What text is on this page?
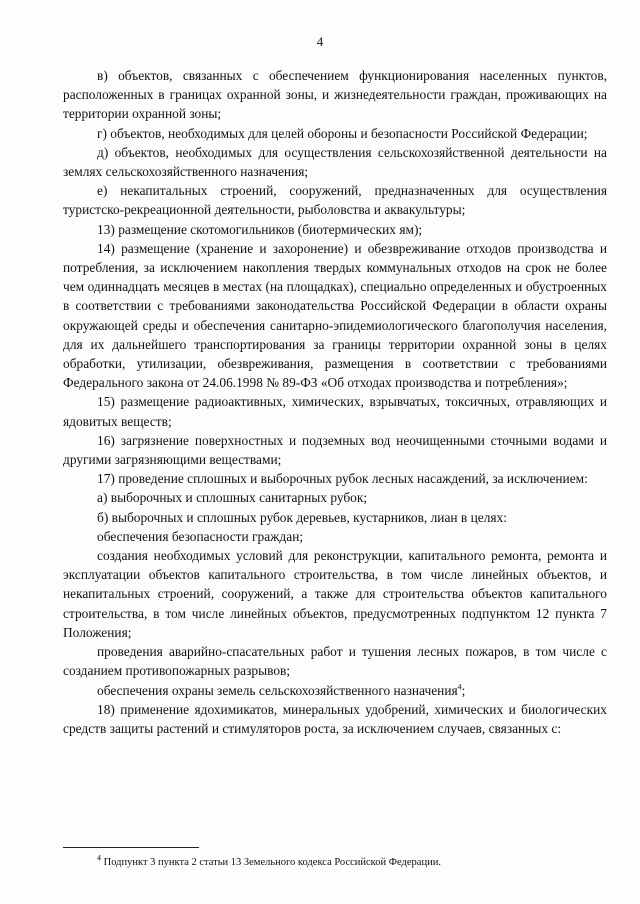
4

в) объектов, связанных с обеспечением функционирования населенных пунктов, расположенных в границах охранной зоны, и жизнедеятельности граждан, проживающих на территории охранной зоны;

г) объектов, необходимых для целей обороны и безопасности Российской Федерации;

д) объектов, необходимых для осуществления сельскохозяйственной деятельности на землях сельскохозяйственного назначения;

е) некапитальных строений, сооружений, предназначенных для осуществления туристско-рекреационной деятельности, рыболовства и аквакультуры;

13) размещение скотомогильников (биотермических ям);

14) размещение (хранение и захоронение) и обезвреживание отходов производства и потребления, за исключением накопления твердых коммунальных отходов на срок не более чем одиннадцать месяцев в местах (на площадках), специально определенных и обустроенных в соответствии с требованиями законодательства Российской Федерации в области охраны окружающей среды и обеспечения санитарно-эпидемиологического благополучия населения, для их дальнейшего транспортирования за границы территории охранной зоны в целях обработки, утилизации, обезвреживания, размещения в соответствии с требованиями Федерального закона от 24.06.1998 № 89-ФЗ «Об отходах производства и потребления»;

15) размещение радиоактивных, химических, взрывчатых, токсичных, отравляющих и ядовитых веществ;

16) загрязнение поверхностных и подземных вод неочищенными сточными водами и другими загрязняющими веществами;

17) проведение сплошных и выборочных рубок лесных насаждений, за исключением:

а) выборочных и сплошных санитарных рубок;

б) выборочных и сплошных рубок деревьев, кустарников, лиан в целях:

обеспечения безопасности граждан;

создания необходимых условий для реконструкции, капитального ремонта, ремонта и эксплуатации объектов капитального строительства, в том числе линейных объектов, и некапитальных строений, сооружений, а также для строительства объектов капитального строительства, в том числе линейных объектов, предусмотренных подпунктом 12 пункта 7 Положения;

проведения аварийно-спасательных работ и тушения лесных пожаров, в том числе с созданием противопожарных разрывов;

обеспечения охраны земель сельскохозяйственного назначения$^4$;

18) применение ядохимикатов, минеральных удобрений, химических и биологических средств защиты растений и стимуляторов роста, за исключением случаев, связанных с:

$^4$ Подпункт 3 пункта 2 статьи 13 Земельного кодекса Российской Федерации.
